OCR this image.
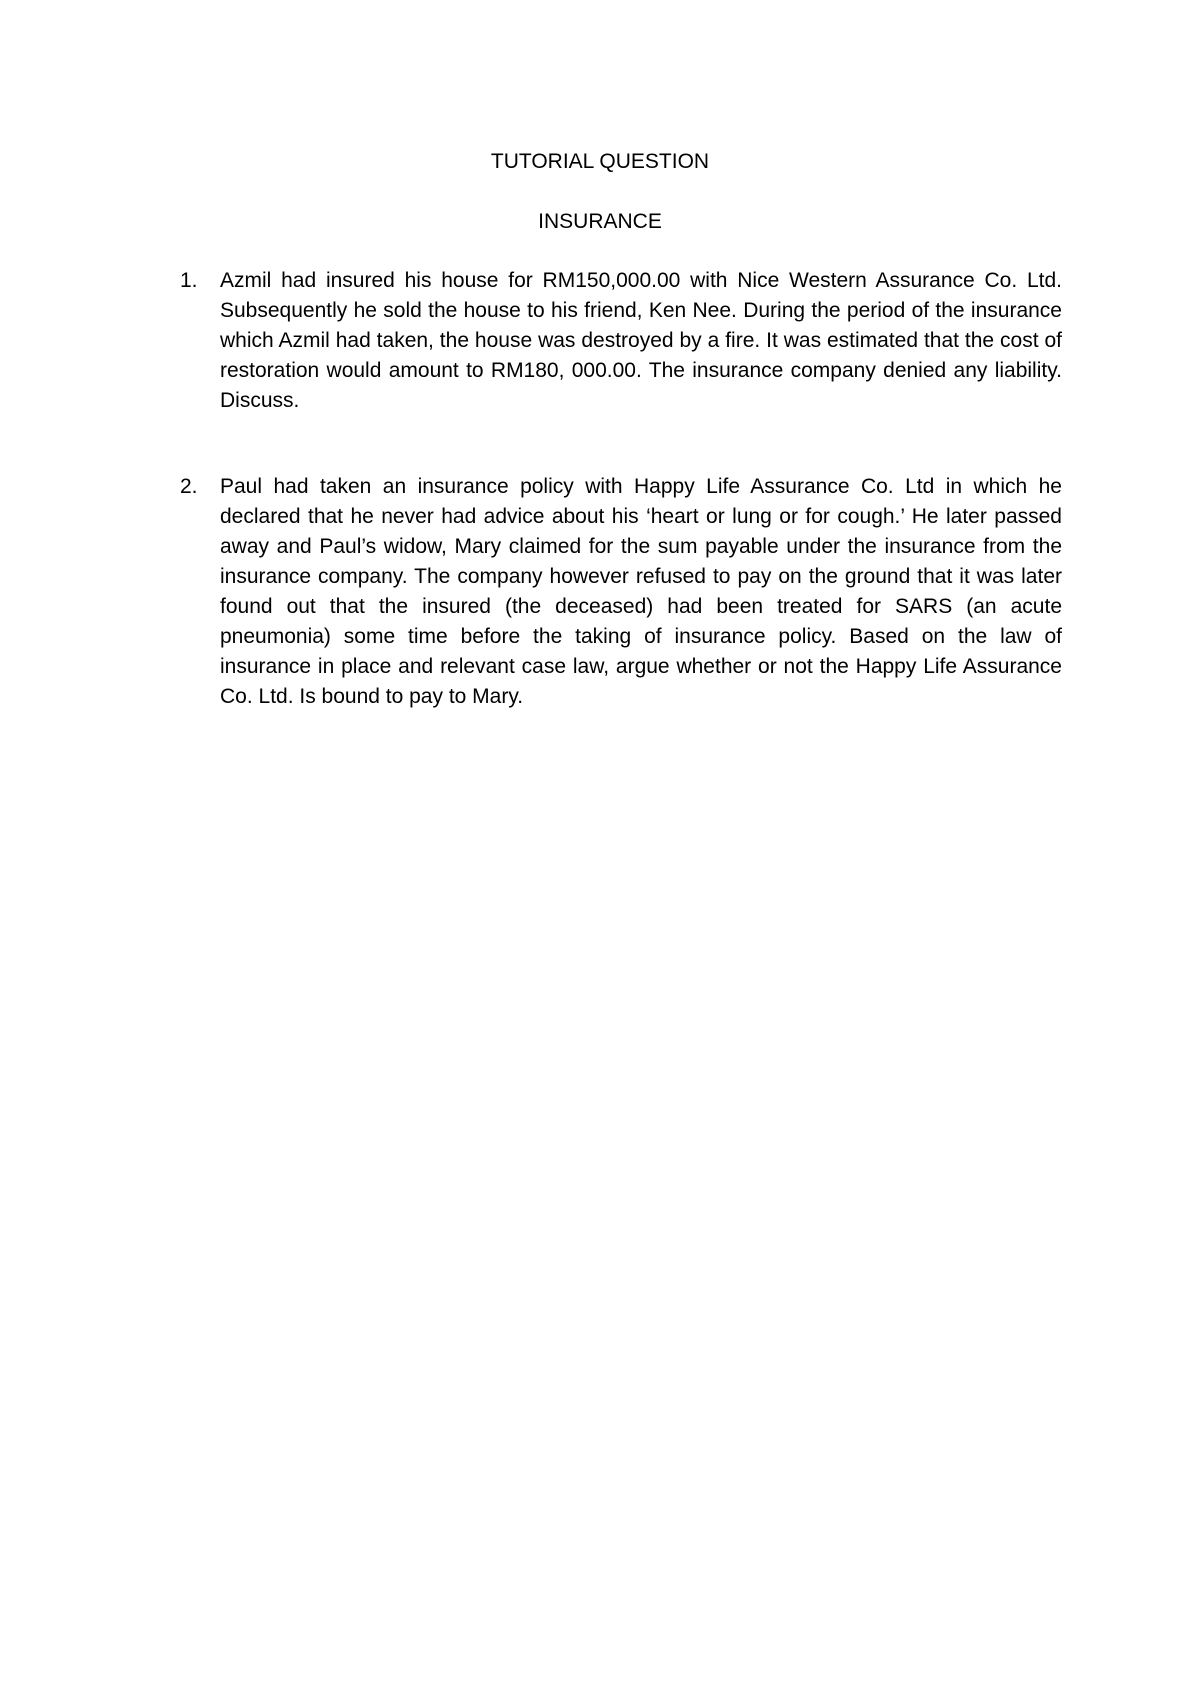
TUTORIAL QUESTION
INSURANCE
1.	Azmil had insured his house for RM150,000.00 with Nice Western Assurance Co. Ltd. Subsequently he sold the house to his friend, Ken Nee. During the period of the insurance which Azmil had taken, the house was destroyed by a fire. It was estimated that the cost of restoration would amount to RM180, 000.00. The insurance company denied any liability. Discuss.
2.	Paul had taken an insurance policy with Happy Life Assurance Co. Ltd in which he declared that he never had advice about his ‘heart or lung or for cough.’ He later passed away and Paul’s widow, Mary claimed for the sum payable under the insurance from the insurance company. The company however refused to pay on the ground that it was later found out that the insured (the deceased) had been treated for SARS (an acute pneumonia) some time before the taking of insurance policy. Based on the law of insurance in place and relevant case law, argue whether or not the Happy Life Assurance Co. Ltd. Is bound to pay to Mary.
